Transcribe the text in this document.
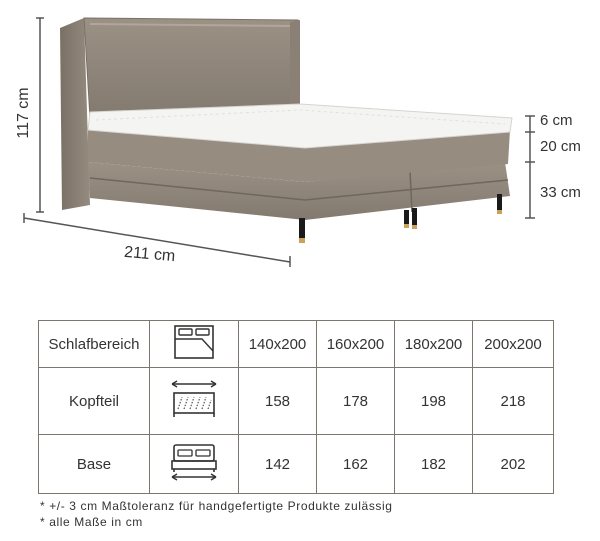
117 cm
211 cm
6 cm
20 cm
33 cm
Schlafbereich		140x200	160x200	180x200	200x200
Kopfteil		158	178	198	218
Base		142	162	182	202
* +/- 3 cm Maßtoleranz für handgefertigte Produkte zulässig
* alle Maße in cm
